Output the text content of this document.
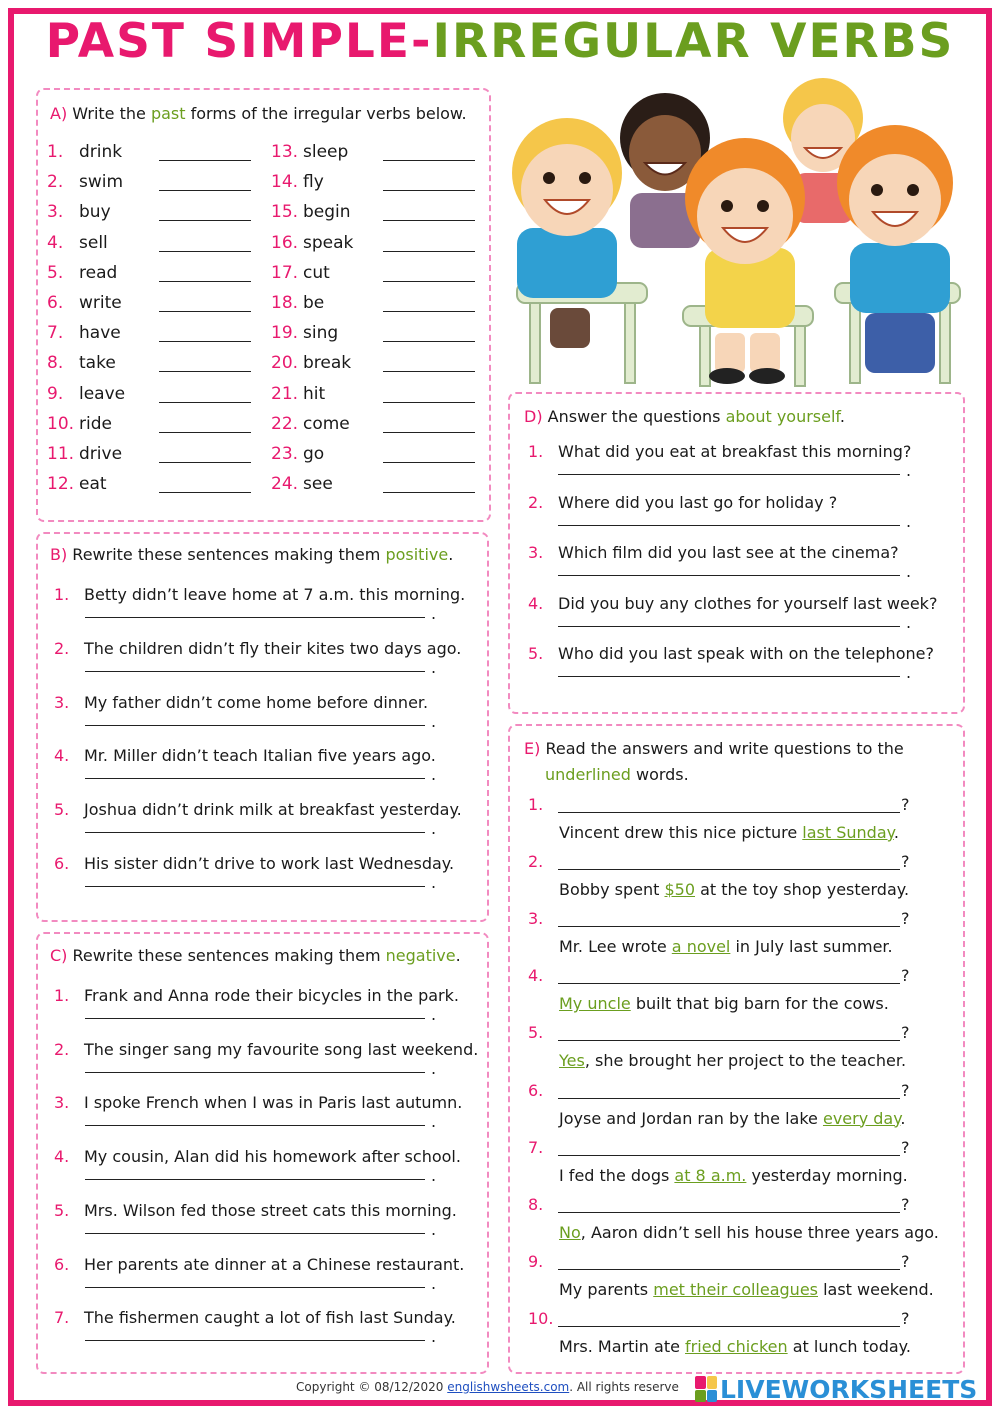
PAST SIMPLE-IRREGULAR VERBS
A) Write the past forms of the irregular verbs below.
1. drink
2. swim
3. buy
4. sell
5. read
6. write
7. have
8. take
9. leave
10. ride
11. drive
12. eat
13. sleep
14. fly
15. begin
16. speak
17. cut
18. be
19. sing
20. break
21. hit
22. come
23. go
24. see
B) Rewrite these sentences making them positive.
1. Betty didn’t leave home at 7 a.m. this morning.
.
2. The children didn’t fly their kites two days ago.
.
3. My father didn’t come home before dinner.
.
4. Mr. Miller didn’t teach Italian five years ago.
.
5. Joshua didn’t drink milk at breakfast yesterday.
.
6. His sister didn’t drive to work last Wednesday.
.
C) Rewrite these sentences making them negative.
1. Frank and Anna rode their bicycles in the park.
.
2. The singer sang my favourite song last weekend.
.
3. I spoke French when I was in Paris last autumn.
.
4. My cousin, Alan did his homework after school.
.
5. Mrs. Wilson fed those street cats this morning.
.
6. Her parents ate dinner at a Chinese restaurant.
.
7. The fishermen caught a lot of fish last Sunday.
.
D) Answer the questions about yourself.
1. What did you eat at breakfast this morning?
.
2. Where did you last go for holiday ?
.
3. Which film did you last see at the cinema?
.
4. Did you buy any clothes for yourself last week?
.
5. Who did you last speak with on the telephone?
.
E) Read the answers and write questions to the
underlined words.
1.	?
Vincent drew this nice picture last Sunday.
2.	?
Bobby spent $50 at the toy shop yesterday.
3.	?
Mr. Lee wrote a novel in July last summer.
4.	?
My uncle built that big barn for the cows.
5.	?
Yes, she brought her project to the teacher.
6.	?
Joyse and Jordan ran by the lake every day.
7.	?
I fed the dogs at 8 a.m. yesterday morning.
8.	?
No, Aaron didn’t sell his house three years ago.
9.	?
My parents met their colleagues last weekend.
10.	?
Mrs. Martin ate fried chicken at lunch today.
Copyright © 08/12/2020 englishwsheets.com. All rights reserve LIVEWORKSHEETS
